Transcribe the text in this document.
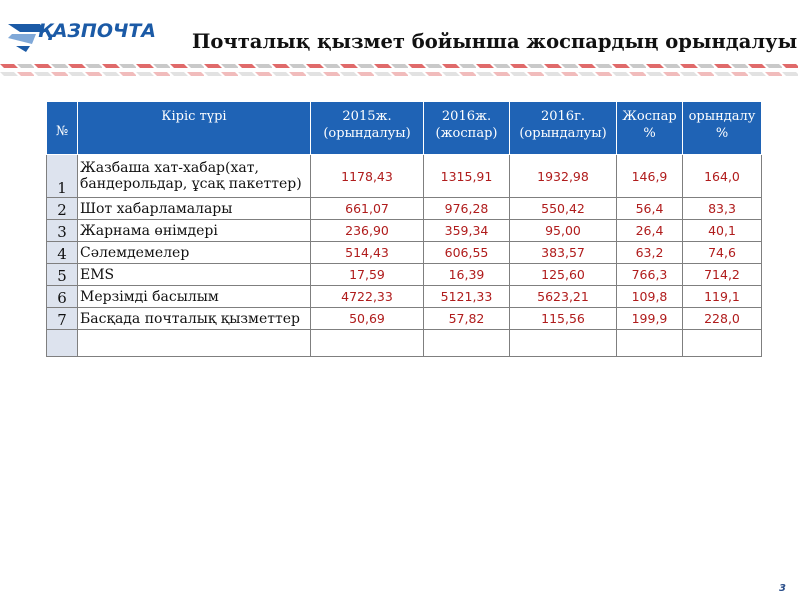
ҚАЗПОЧТА Почталық қызмет бойынша жоспардың орындалуы
№	Кіріс түрі	2015ж. (орындалуы)	2016ж. (жоспар)	2016г. (орындалуы)	Жоспар %	орындалу %
1	Жазбаша хат-хабар(хат, бандерольдар, ұсақ пакеттер)	1178,43	1315,91	1932,98	146,9	164,0
2	Шот хабарламалары	661,07	976,28	550,42	56,4	83,3
3	Жарнама өнімдері	236,90	359,34	95,00	26,4	40,1
4	Сәлемдемелер	514,43	606,55	383,57	63,2	74,6
5	EMS	17,59	16,39	125,60	766,3	714,2
6	Мерзімді басылым	4722,33	5121,33	5623,21	109,8	119,1
7	Басқада почталық қызметтер	50,69	57,82	115,56	199,9	228,0

3
